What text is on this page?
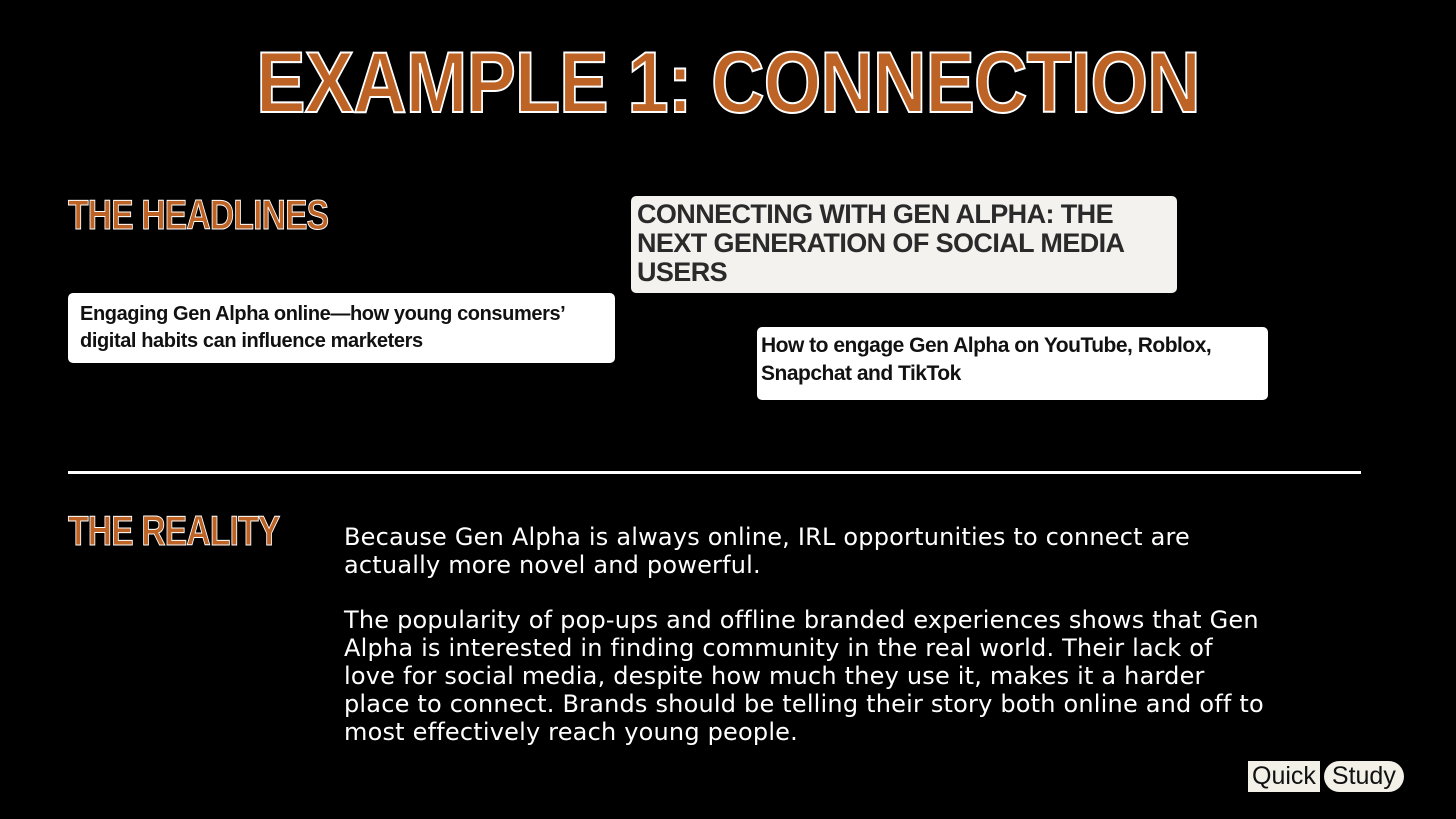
EXAMPLE 1: CONNECTION
THE HEADLINES
Engaging Gen Alpha online—how young consumers’ digital habits can influence marketers
CONNECTING WITH GEN ALPHA: THE NEXT GENERATION OF SOCIAL MEDIA USERS
How to engage Gen Alpha on YouTube, Roblox, Snapchat and TikTok
THE REALITY	Because Gen Alpha is always online, IRL opportunities to connect are actually more novel and powerful.

The popularity of pop-ups and offline branded experiences shows that Gen Alpha is interested in finding community in the real world. Their lack of love for social media, despite how much they use it, makes it a harder place to connect. Brands should be telling their story both online and off to most effectively reach young people.

Quick Study
